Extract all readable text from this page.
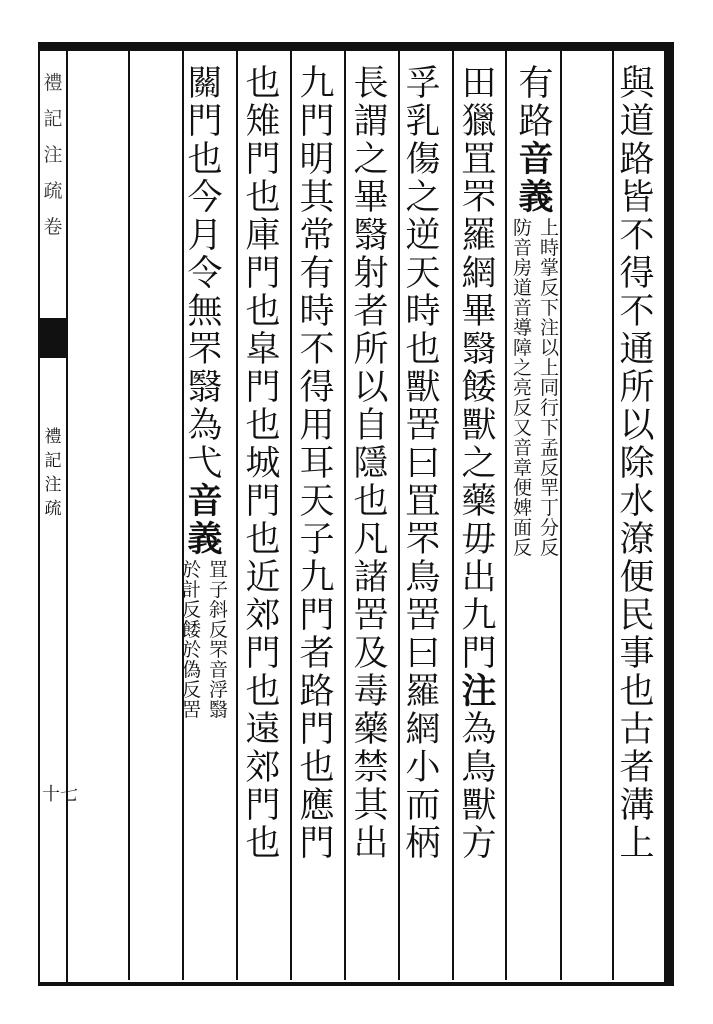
禮
記
注
疏
卷
禮
記
注
疏
十七
與
道
路
皆
不
得
不
通
所
以
除
水
潦
便
民
事
也
古
者
溝
上
有
路
音
義
防
音
房
道
音
導
障
之
亮
反
又
音
章
便
婢
面
反
上
時
掌
反
下
注
以
上
同
行
下
孟
反
䍐
丁
分
反
田
獵
罝
罘
羅
網
畢
翳
餧
獸
之
藥
毋
出
九
門
注
為
鳥
獸
方
孚
乳
傷
之
逆
天
時
也
獸
罟
曰
罝
罘
鳥
罟
曰
羅
網
小
而
柄
長
謂
之
畢
翳
射
者
所
以
自
隱
也
凡
諸
罟
及
毒
藥
禁
其
出
九
門
明
其
常
有
時
不
得
用
耳
天
子
九
門
者
路
門
也
應
門
也
雉
門
也
庫
門
也
皐
門
也
城
門
也
近
郊
門
也
遠
郊
門
也
關
門
也
今
月
令
無
罘
翳
為
弋
音
義
於
計
反
餧
於
偽
反
罟
罝
子
斜
反
罘
音
浮
翳
